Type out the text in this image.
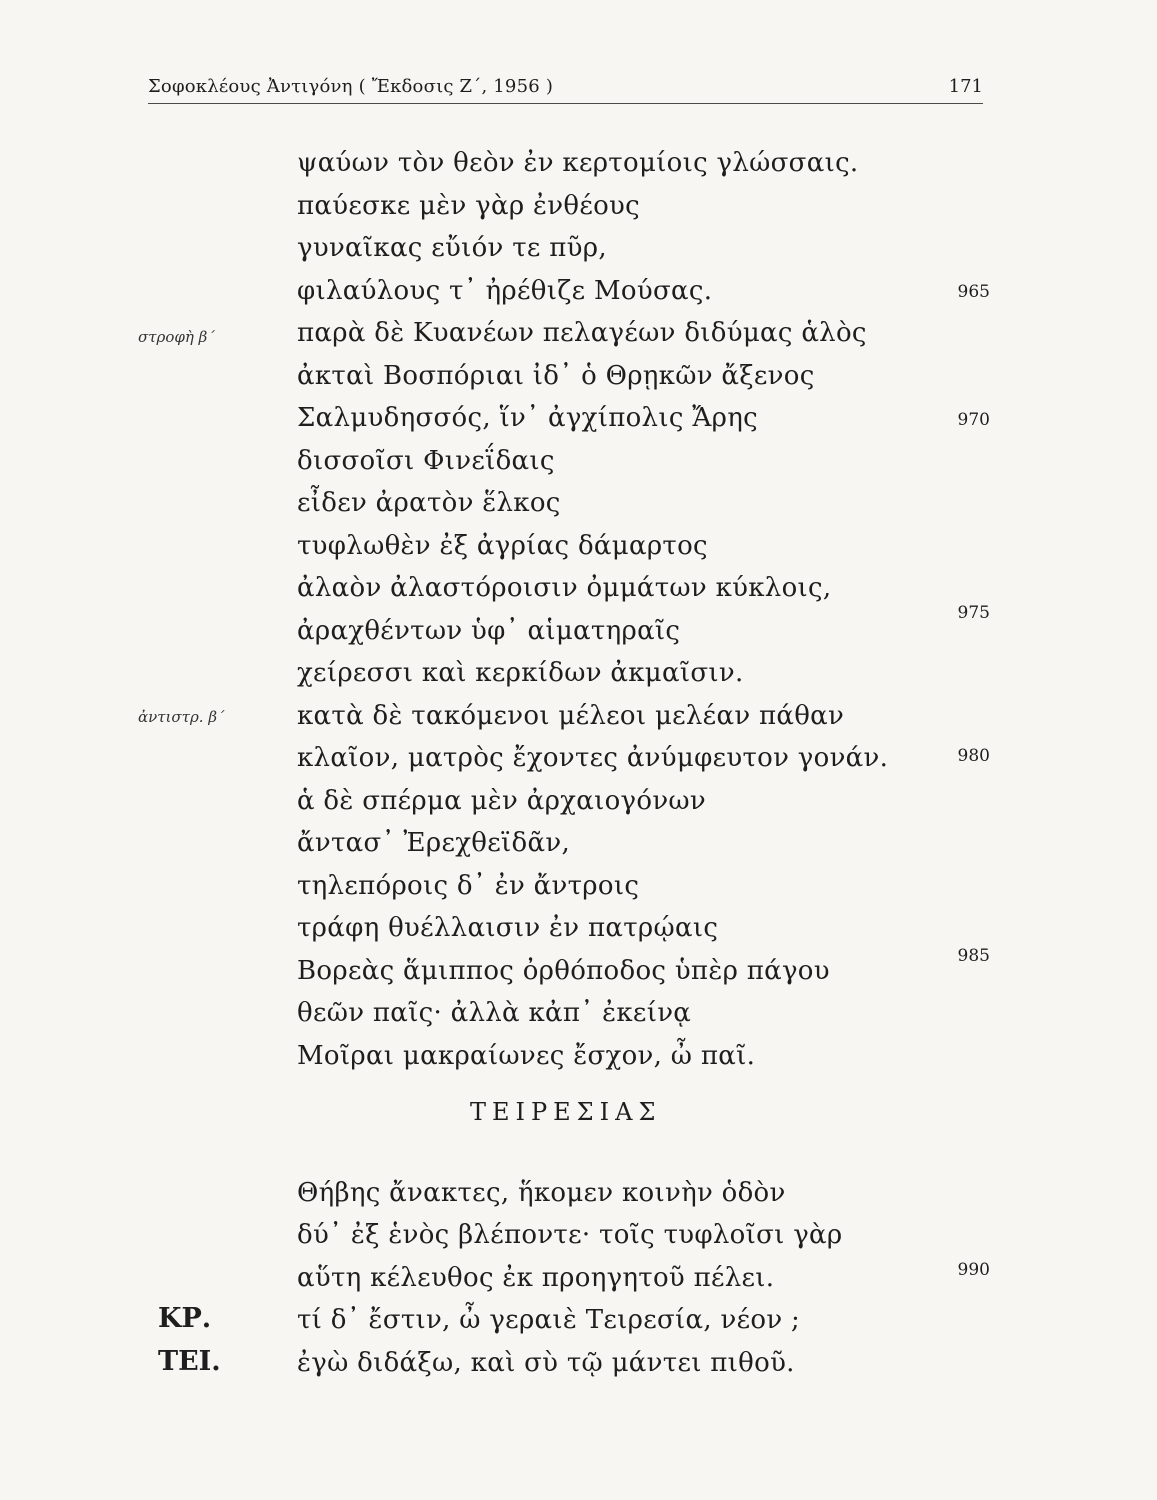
Σοφοκλέους Ἀντιγόνη ( Ἔκδοσις Ζ΄, 1956 )	171
στροφὴ β΄
ἀντιστρ. β΄
ψαύων τὸν θεὸν ἐν κερτομίοις γλώσσαις.
παύεσκε μὲν γὰρ ἐνθέους
γυναῖκας εὔιόν τε πῦρ,
φιλαύλους τ᾽ ἠρέθιζε Μούσας.
παρὰ δὲ Κυανέων πελαγέων διδύμας ἁλὸς
ἀκταὶ Βοσπόριαι ἰδ᾽ ὁ Θρῃκῶν ἄξενος
Σαλμυδησσός, ἵν᾽ ἀγχίπολις Ἄρης
δισσοῖσι Φινεΐδαις
εἶδεν ἀρατὸν ἕλκος
τυφλωθὲν ἐξ ἀγρίας δάμαρτος
ἀλαὸν ἀλαστόροισιν ὀμμάτων κύκλοις,
ἀραχθέντων ὑφ᾽ αἱματηραῖς
χείρεσσι καὶ κερκίδων ἀκμαῖσιν.
κατὰ δὲ τακόμενοι μέλεοι μελέαν πάθαν
κλαῖον, ματρὸς ἔχοντες ἀνύμφευτον γονάν.
ἁ δὲ σπέρμα μὲν ἀρχαιογόνων
ἄντασ᾽ Ἐρεχθεϊδᾶν,
τηλεπόροις δ᾽ ἐν ἄντροις
τράφη θυέλλαισιν ἐν πατρῴαις
Βορεὰς ἅμιππος ὀρθόποδος ὑπὲρ πάγου
θεῶν παῖς· ἀλλὰ κἀπ᾽ ἐκείνᾳ
Μοῖραι μακραίωνες ἔσχον, ὦ παῖ.
ΤΕΙΡΕΣΙΑΣ
Θήβης ἄνακτες, ἥκομεν κοινὴν ὁδὸν
δύ᾽ ἐξ ἑνὸς βλέποντε· τοῖς τυφλοῖσι γὰρ
αὕτη κέλευθος ἐκ προηγητοῦ πέλει.
τί δ᾽ ἔστιν, ὦ γεραιὲ Τειρεσία, νέον ;
ἐγὼ διδάξω, καὶ σὺ τῷ μάντει πιθοῦ.
ΚΡ.
ΤΕΙ.
965
970
975
980
985
990
